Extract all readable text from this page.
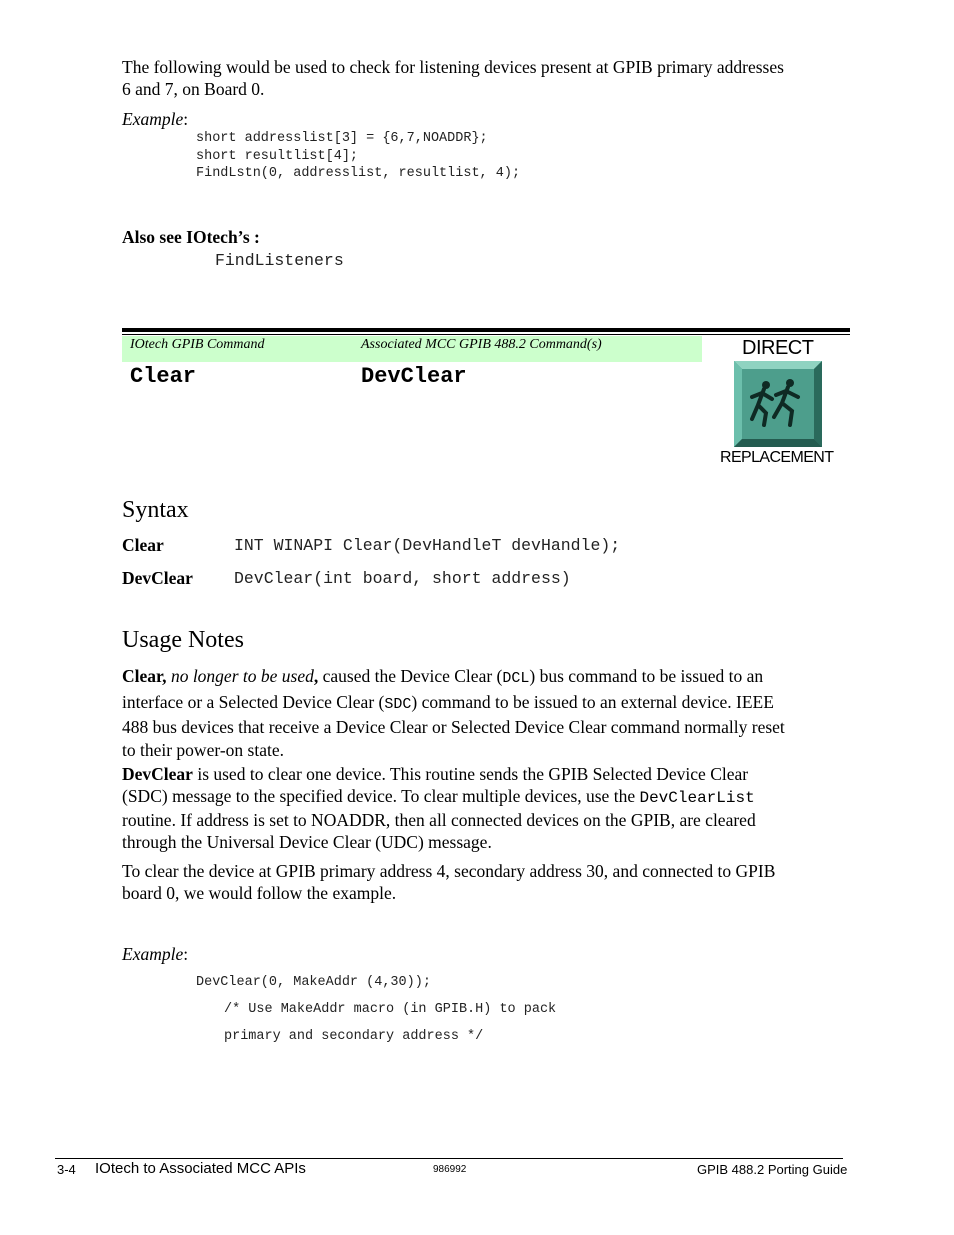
The following would be used to check for listening devices present at GPIB primary addresses
6 and 7, on Board 0.

Example:
short addresslist[3] = {6,7,NOADDR};
short resultlist[4];
FindLstn(0, addresslist, resultlist, 4);
Also see IOtech’s :
FindListeners
IOtech GPIB Command	Associated MCC GPIB 488.2 Command(s)
Clear	DevClear
DIRECT
REPLACEMENT
Syntax
Clear	INT WINAPI Clear(DevHandleT devHandle);
DevClear DevClear(int board, short address)
Usage Notes

Clear, no longer to be used, caused the Device Clear (DCL) bus command to be issued to an
interface or a Selected Device Clear (SDC) command to be issued to an external device. IEEE
488 bus devices that receive a Device Clear or Selected Device Clear command normally reset
to their power-on state.

DevClear is used to clear one device. This routine sends the GPIB Selected Device Clear
(SDC) message to the specified device. To clear multiple devices, use the DevClearList
routine. If address is set to NOADDR, then all connected devices on the GPIB, are cleared
through the Universal Device Clear (UDC) message.

To clear the device at GPIB primary address 4, secondary address 30, and connected to GPIB
board 0, we would follow the example.

Example:
DevClear(0, MakeAddr (4,30));
/* Use MakeAddr macro (in GPIB.H) to pack
primary and secondary address */
3-4 IOtech to Associated MCC APIs	986992	GPIB 488.2 Porting Guide
